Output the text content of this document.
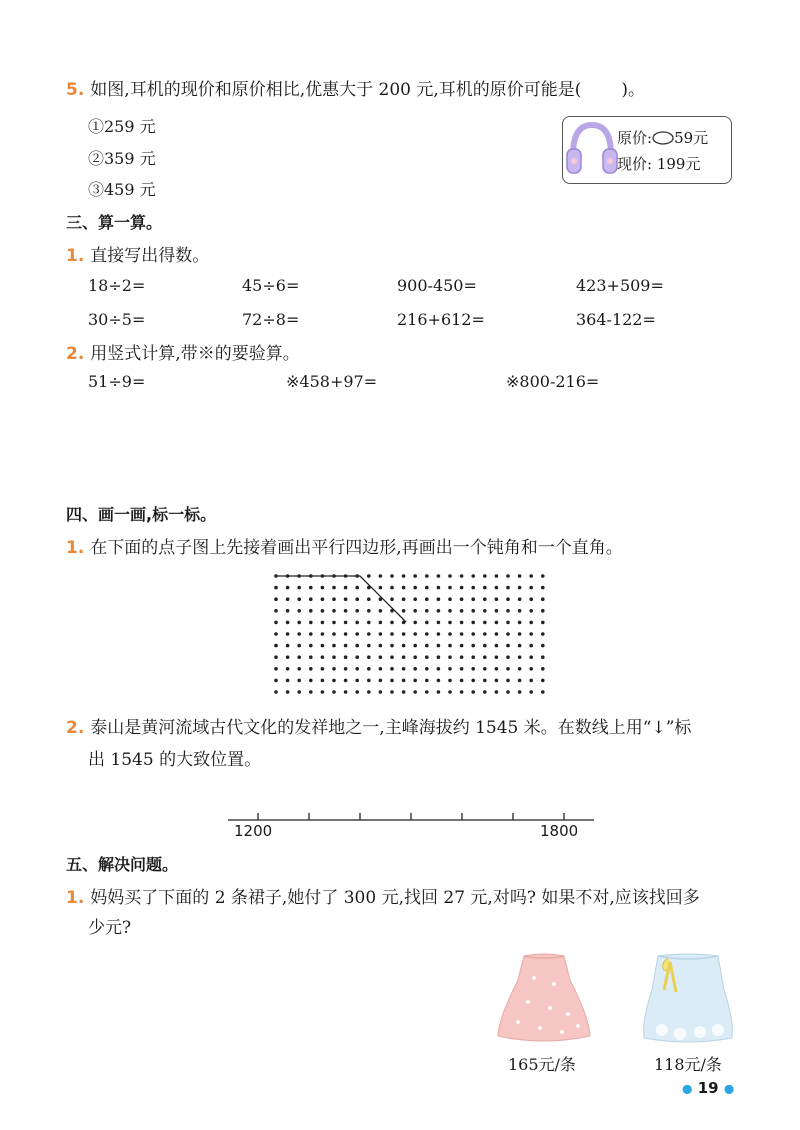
5. 如图,耳机的现价和原价相比,优惠大于 200 元,耳机的原价可能是( )。
①259 元
②359 元
③459 元
原价: 59元
现价: 199元
三、算一算。
1. 直接写出得数。
18÷2=	45÷6=	900-450=	423+509=
30÷5=	72÷8=	216+612=	364-122=
2. 用竖式计算,带※的要验算。
51÷9=	※458+97=	※800-216=
四、画一画,标一标。
1. 在下面的点子图上先接着画出平行四边形,再画出一个钝角和一个直角。
2. 泰山是黄河流域古代文化的发祥地之一,主峰海拔约 1545 米。在数线上用“↓”标
出 1545 的大致位置。
1200	1800
五、解决问题。
1. 妈妈买了下面的 2 条裙子,她付了 300 元,找回 27 元,对吗? 如果不对,应该找回多
少元?
165元/条	118元/条
● 19 ●
